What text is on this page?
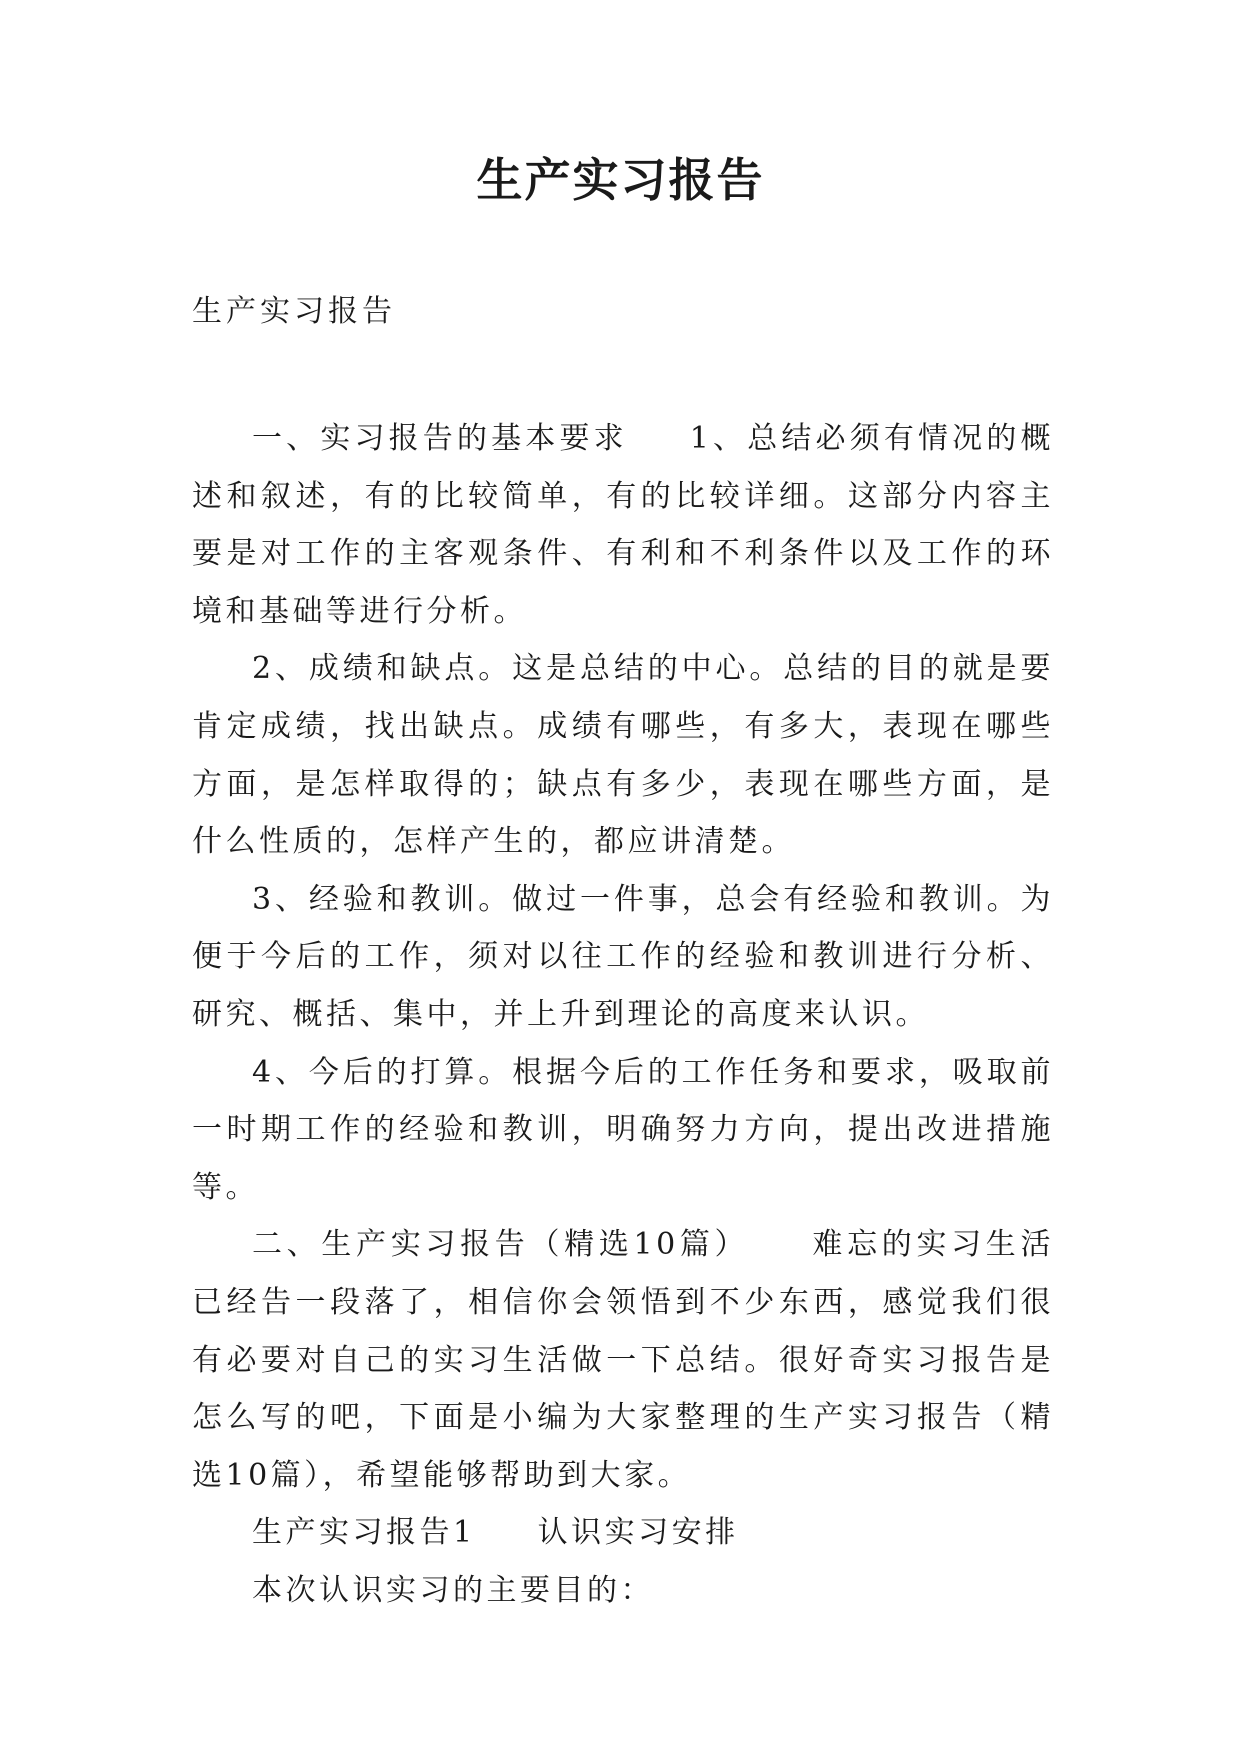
生产实习报告

生产实习报告

一、实习报告的基本要求 1、总结必须有情况的概述和叙述，有的比较简单，有的比较详细。这部分内容主要是对工作的主客观条件、有利和不利条件以及工作的环境和基础等进行分析。

2、成绩和缺点。这是总结的中心。总结的目的就是要肯定成绩，找出缺点。成绩有哪些，有多大，表现在哪些方面，是怎样取得的；缺点有多少，表现在哪些方面，是什么性质的，怎样产生的，都应讲清楚。

3、经验和教训。做过一件事，总会有经验和教训。为便于今后的工作，须对以往工作的经验和教训进行分析、研究、概括、集中，并上升到理论的高度来认识。

4、今后的打算。根据今后的工作任务和要求，吸取前一时期工作的经验和教训，明确努力方向，提出改进措施等。

二、生产实习报告（精选10篇） 难忘的实习生活已经告一段落了，相信你会领悟到不少东西，感觉我们很有必要对自己的实习生活做一下总结。很好奇实习报告是怎么写的吧，下面是小编为大家整理的生产实习报告（精选10篇），希望能够帮助到大家。

生产实习报告1 认识实习安排

本次认识实习的主要目的：
